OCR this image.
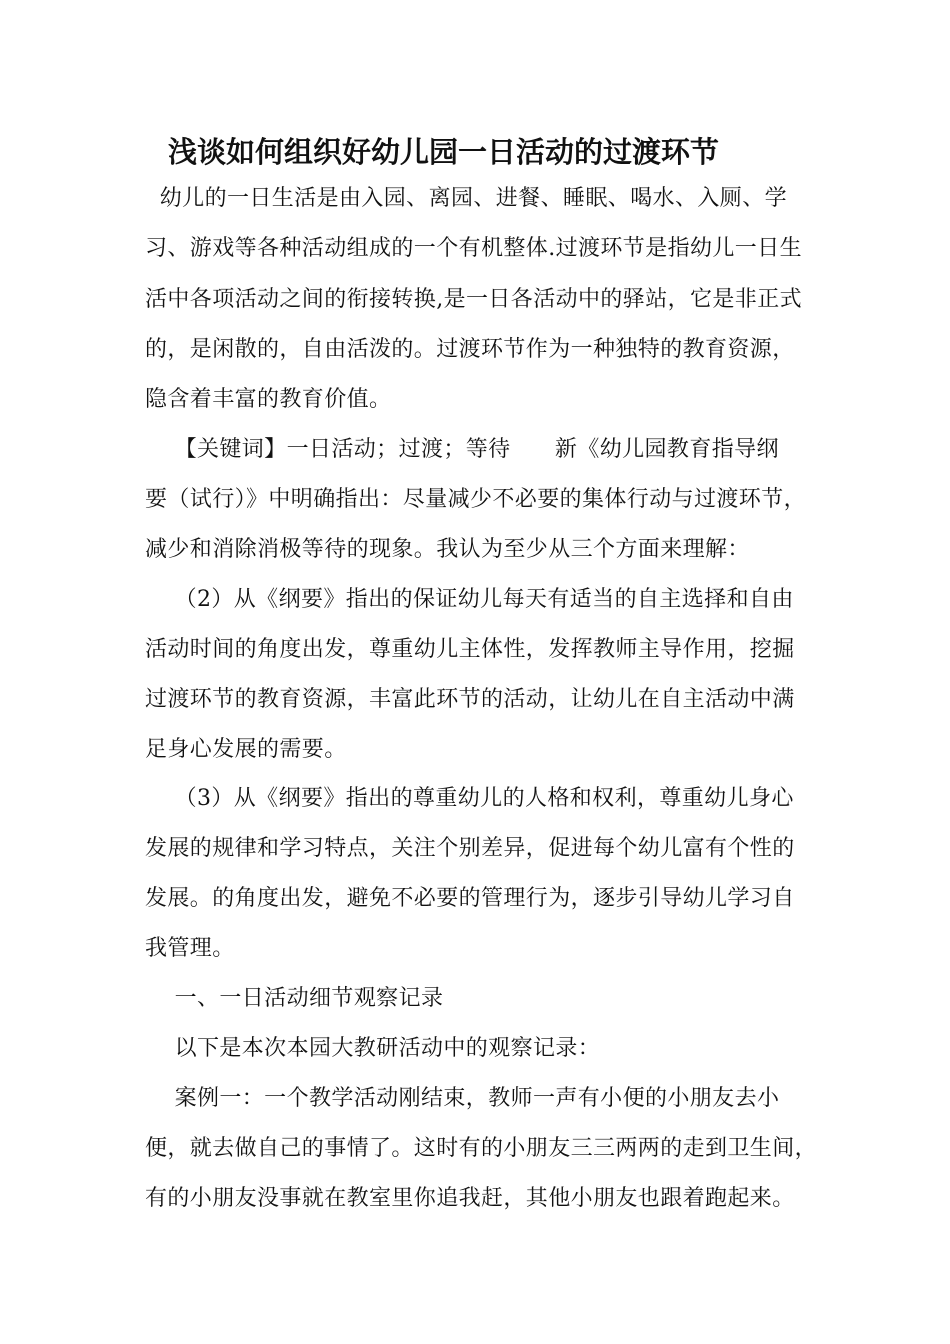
浅谈如何组织好幼儿园一日活动的过渡环节
幼儿的一日生活是由入园、离园、进餐、睡眠、喝水、入厕、学
习、游戏等各种活动组成的一个有机整体.过渡环节是指幼儿一日生
活中各项活动之间的衔接转换,是一日各活动中的驿站，它是非正式
的，是闲散的，自由活泼的。过渡环节作为一种独特的教育资源，
隐含着丰富的教育价值。
【关键词】一日活动；过渡；等待      新《幼儿园教育指导纲
要（试行）》中明确指出：尽量减少不必要的集体行动与过渡环节，
减少和消除消极等待的现象。我认为至少从三个方面来理解：
（2）从《纲要》指出的保证幼儿每天有适当的自主选择和自由
活动时间的角度出发，尊重幼儿主体性，发挥教师主导作用，挖掘
过渡环节的教育资源，丰富此环节的活动，让幼儿在自主活动中满
足身心发展的需要。
（3）从《纲要》指出的尊重幼儿的人格和权利，尊重幼儿身心
发展的规律和学习特点，关注个别差异，促进每个幼儿富有个性的
发展。的角度出发，避免不必要的管理行为，逐步引导幼儿学习自
我管理。
一、一日活动细节观察记录
以下是本次本园大教研活动中的观察记录：
案例一：一个教学活动刚结束，教师一声有小便的小朋友去小
便，就去做自己的事情了。这时有的小朋友三三两两的走到卫生间，
有的小朋友没事就在教室里你追我赶，其他小朋友也跟着跑起来。
